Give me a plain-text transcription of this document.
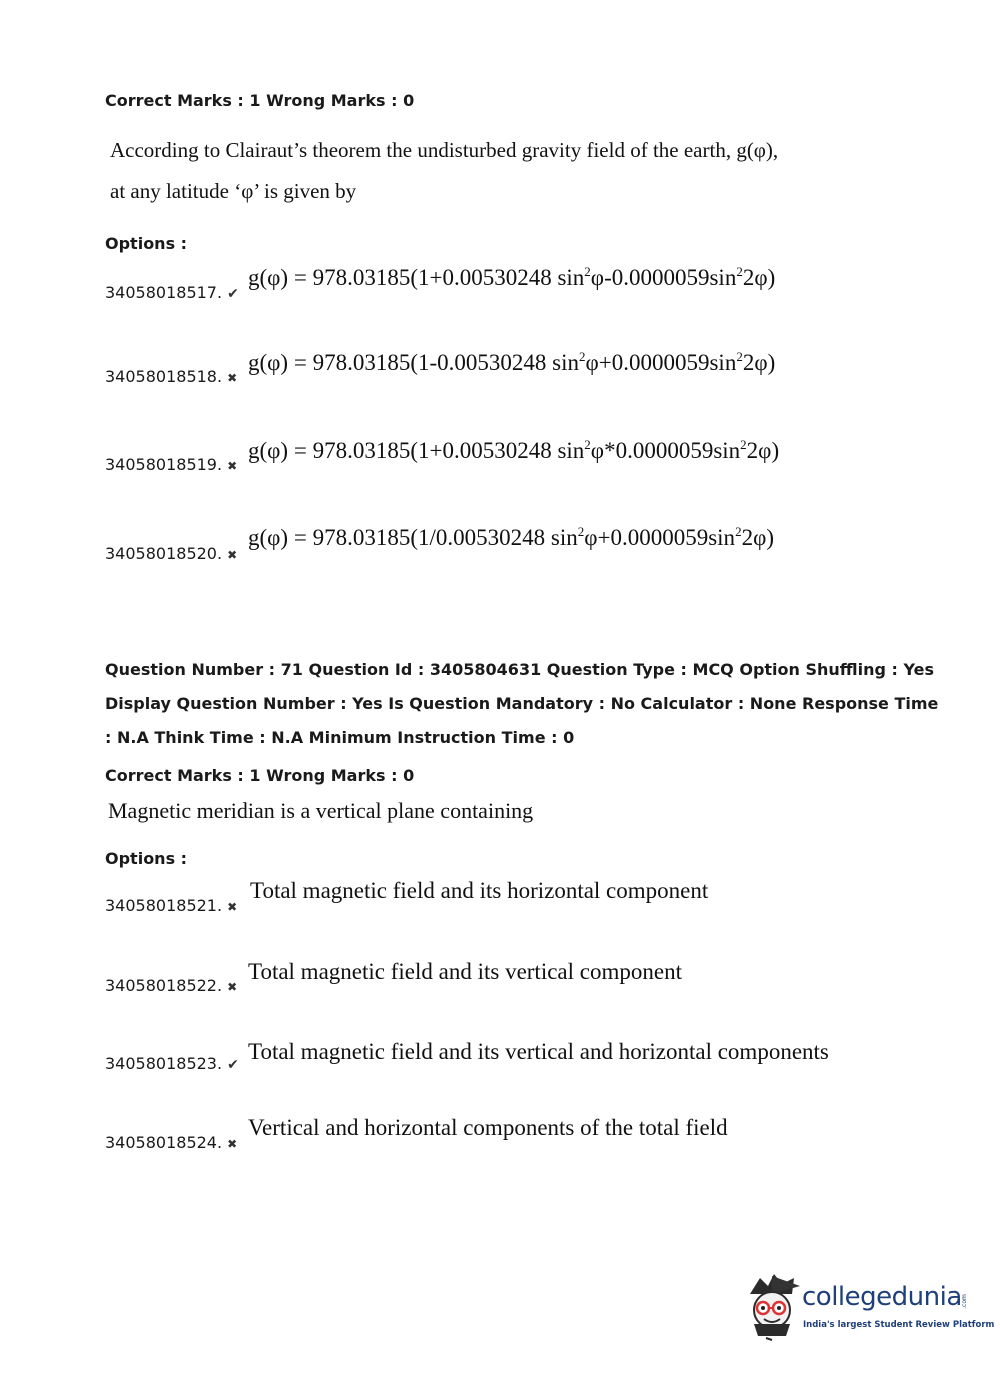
Correct Marks : 1 Wrong Marks : 0
According to Clairaut’s theorem the undisturbed gravity field of the earth, g(φ),
at any latitude ‘φ’ is given by
Options :
34058018517. ✔
g(φ) = 978.03185(1+0.00530248 $\sin^2\varphi-0.0000059\sin^22\varphi$)
34058018518. ✖
g(φ) = 978.03185(1-0.00530248 $\sin^2\varphi+0.0000059\sin^22\varphi$)
34058018519. ✖
g(φ) = 978.03185(1+0.00530248 $\sin^2\varphi*0.0000059\sin^22\varphi$)
34058018520. ✖
g(φ) = 978.03185(1/0.00530248 $\sin^2\varphi+0.0000059\sin^22\varphi$)
Question Number : 71 Question Id : 3405804631 Question Type : MCQ Option Shuffling : Yes
Display Question Number : Yes Is Question Mandatory : No Calculator : None Response Time
: N.A Think Time : N.A Minimum Instruction Time : 0
Correct Marks : 1 Wrong Marks : 0
Magnetic meridian is a vertical plane containing
Options :
34058018521. ✖
Total magnetic field and its horizontal component
34058018522. ✖
Total magnetic field and its vertical component
34058018523. ✔
Total magnetic field and its vertical and horizontal components
34058018524. ✖
Vertical and horizontal components of the total field
collegedunia .com
India's largest Student Review Platform
